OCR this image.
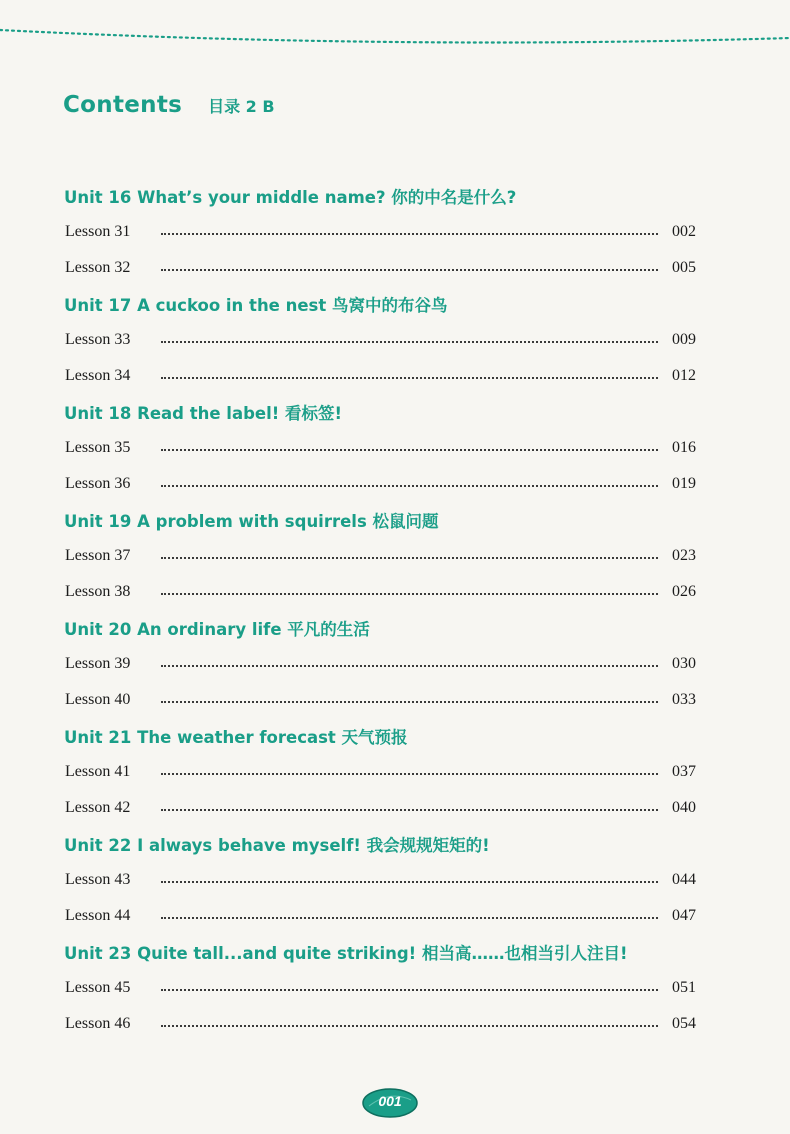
Contents 目录 2 B
Unit 16 What’s your middle name? 你的中名是什么?
Lesson 31	002
Lesson 32	005
Unit 17 A cuckoo in the nest 鸟窝中的布谷鸟
Lesson 33	009
Lesson 34	012
Unit 18 Read the label! 看标签!
Lesson 35	016
Lesson 36	019
Unit 19 A problem with squirrels 松鼠问题
Lesson 37	023
Lesson 38	026
Unit 20 An ordinary life 平凡的生活
Lesson 39	030
Lesson 40	033
Unit 21 The weather forecast 天气预报
Lesson 41	037
Lesson 42	040
Unit 22 I always behave myself! 我会规规矩矩的!
Lesson 43	044
Lesson 44	047
Unit 23 Quite tall...and quite striking! 相当高……也相当引人注目!
Lesson 45	051
Lesson 46	054
001
